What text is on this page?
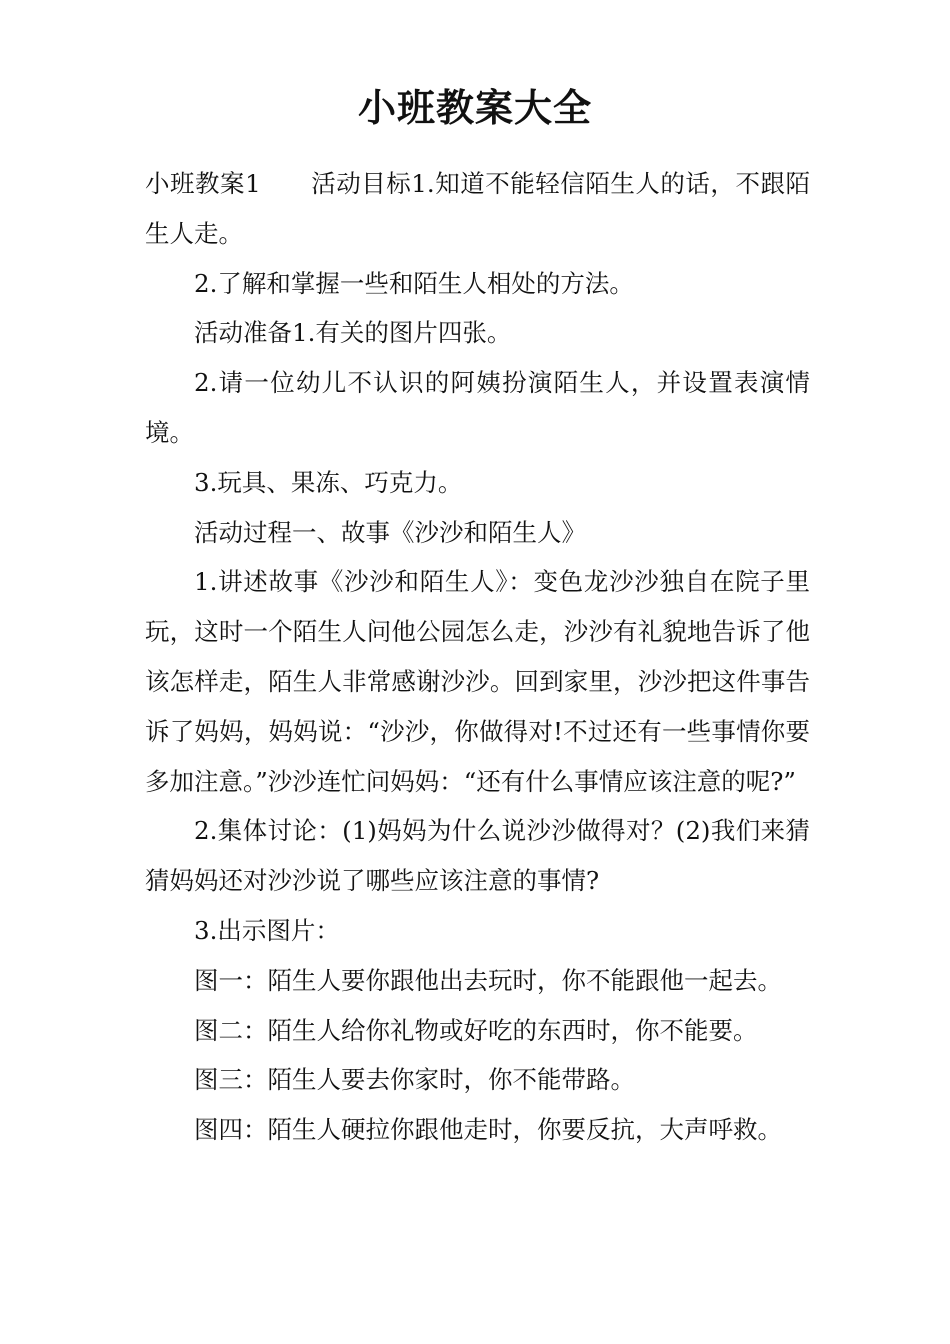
小班教案大全

小班教案1　　活动目标1.知道不能轻信陌生人的话，不跟陌生人走。

2.了解和掌握一些和陌生人相处的方法。

活动准备1.有关的图片四张。

2.请一位幼儿不认识的阿姨扮演陌生人，并设置表演情境。

3.玩具、果冻、巧克力。

活动过程一、故事《沙沙和陌生人》

1.讲述故事《沙沙和陌生人》：变色龙沙沙独自在院子里玩，这时一个陌生人问他公园怎么走，沙沙有礼貌地告诉了他该怎样走，陌生人非常感谢沙沙。回到家里，沙沙把这件事告诉了妈妈，妈妈说：“沙沙，你做得对!不过还有一些事情你要多加注意。”沙沙连忙问妈妈：“还有什么事情应该注意的呢?”

2.集体讨论：(1)妈妈为什么说沙沙做得对？(2)我们来猜猜妈妈还对沙沙说了哪些应该注意的事情?

3.出示图片：

图一：陌生人要你跟他出去玩时，你不能跟他一起去。

图二：陌生人给你礼物或好吃的东西时，你不能要。

图三：陌生人要去你家时，你不能带路。

图四：陌生人硬拉你跟他走时，你要反抗，大声呼救。
